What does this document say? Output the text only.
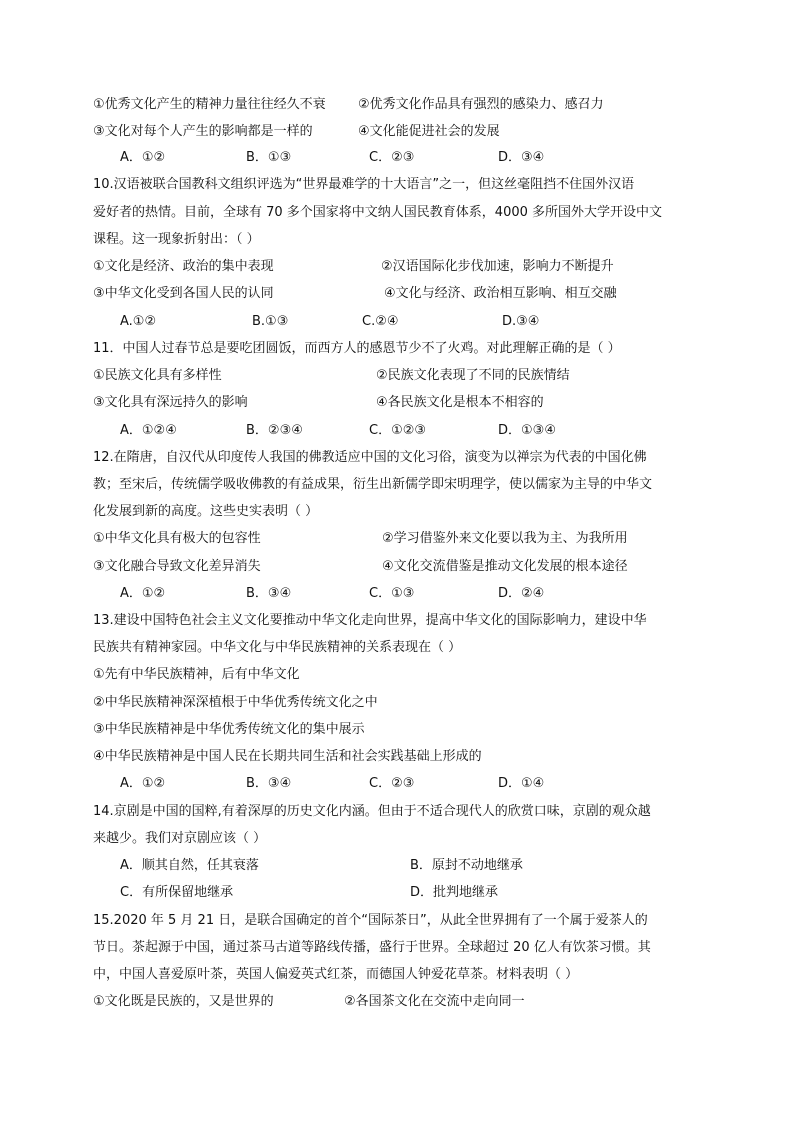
①优秀文化产生的精神力量往往经久不衰 ②优秀文化作品具有强烈的感染力、感召力
③文化对每个人产生的影响都是一样的	④文化能促进社会的发展
A．①②	B．①③	C．②③	D．③④
10.汉语被联合国教科文组织评选为“世界最难学的十大语言”之一，但这丝毫阻挡不住国外汉语
爱好者的热情。目前，全球有 70 多个国家将中文纳人国民教育体系，4000 多所国外大学开设中文
课程。这一现象折射出：（ ）
①文化是经济、政治的集中表现	②汉语国际化步伐加速，影响力不断提升
③中华文化受到各国人民的认同	④文化与经济、政治相互影响、相互交融
A.①②	B.①③	C.②④	D.③④
11．中国人过春节总是要吃团圆饭，而西方人的感恩节少不了火鸡。对此理解正确的是（ ）
①民族文化具有多样性	②民族文化表现了不同的民族情结
③文化具有深远持久的影响	④各民族文化是根本不相容的
A．①②④	B．②③④	C．①②③	D．①③④
12.在隋唐，自汉代从印度传人我国的佛教适应中国的文化习俗，演变为以禅宗为代表的中国化佛
教；至宋后，传统儒学吸收佛教的有益成果，衍生出新儒学即宋明理学，使以儒家为主导的中华文
化发展到新的高度。这些史实表明（ ）
①中华文化具有极大的包容性	②学习借鉴外来文化要以我为主、为我所用
③文化融合导致文化差异消失	④文化交流借鉴是推动文化发展的根本途径
A．①②	B．③④	C．①③	D．②④
13.建设中国特色社会主义文化要推动中华文化走向世界，提高中华文化的国际影响力，建设中华
民族共有精神家园。中华文化与中华民族精神的关系表现在（ ）
①先有中华民族精神，后有中华文化
②中华民族精神深深植根于中华优秀传统文化之中
③中华民族精神是中华优秀传统文化的集中展示
④中华民族精神是中国人民在长期共同生活和社会实践基础上形成的
A．①②	B．③④	C．②③	D．①④
14.京剧是中国的国粹,有着深厚的历史文化内涵。但由于不适合现代人的欣赏口味，京剧的观众越
来越少。我们对京剧应该（ ）
A．顺其自然，任其衰落	B．原封不动地继承
C．有所保留地继承	D．批判地继承
15.2020 年 5 月 21 日，是联合国确定的首个“国际茶日”，从此全世界拥有了一个属于爱茶人的
节日。茶起源于中国，通过茶马古道等路线传播，盛行于世界。全球超过 20 亿人有饮茶习惯。其
中，中国人喜爱原叶茶，英国人偏爱英式红茶，而德国人钟爱花草茶。材料表明（ ）
①文化既是民族的，又是世界的	②各国茶文化在交流中走向同一
